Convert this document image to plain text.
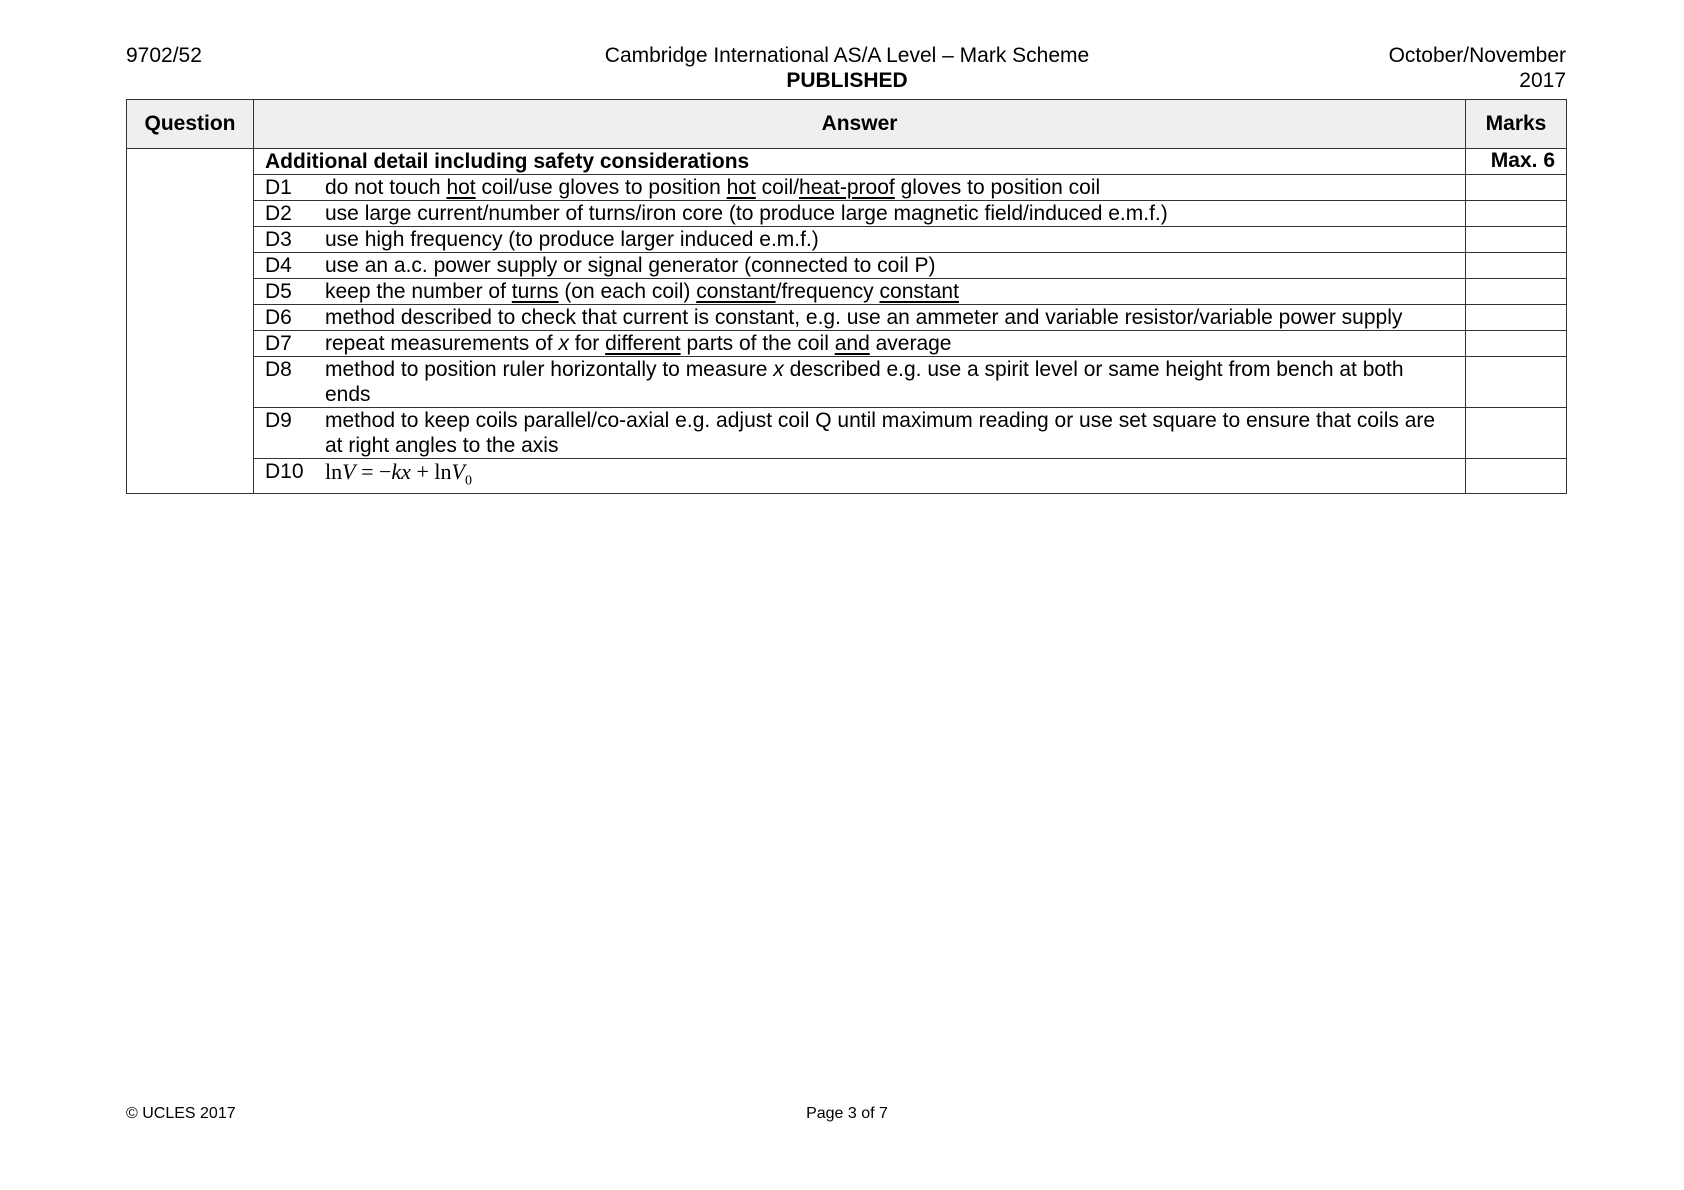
9702/52	Cambridge International AS/A Level – Mark Scheme
PUBLISHED
October/November
2017
Question	Answer	Marks
	Additional detail including safety considerations	Max. 6

	D1 do not touch hot coil/use gloves to position hot coil/heat-proof gloves to position coil	

	D2 use large current/number of turns/iron core (to produce large magnetic field/induced e.m.f.)	

	D3 use high frequency (to produce larger induced e.m.f.)	

	D4 use an a.c. power supply or signal generator (connected to coil P)	

	D5 keep the number of turns (on each coil) constant/frequency constant	

	D6 method described to check that current is constant, e.g. use an ammeter and variable resistor/variable power supply	

	D7 repeat measurements of x for different parts of the coil and average	

	D8 method to position ruler horizontally to measure x described e.g. use a spirit level or same height from bench at both ends	

	D9 method to keep coils parallel/co-axial e.g. adjust coil Q until maximum reading or use set square to ensure that coils are at right angles to the axis	

	D10 lnV = −kx + lnV$_0$

© UCLES 2017	Page 3 of 7
